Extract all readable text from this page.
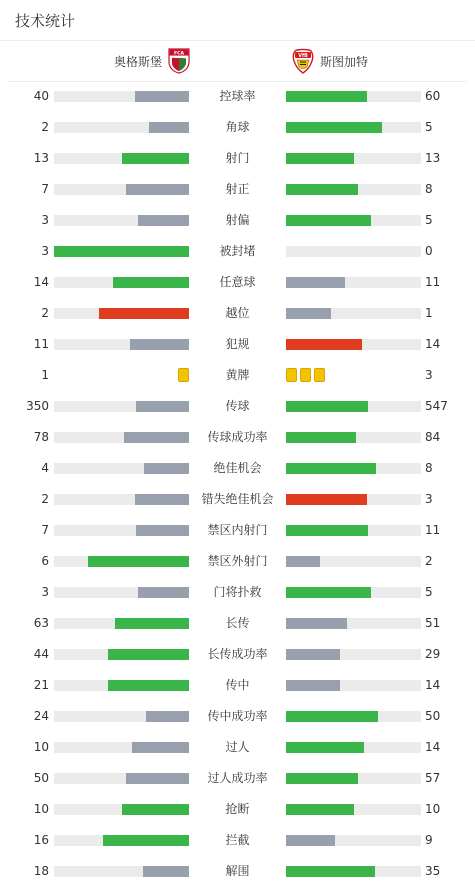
技术统计
奥格斯堡
FCA	VfB 斯图加特
40	控球率	60
2	角球	5
13	射门	13
7	射正	8
3	射偏	5
3	被封堵	0
14	任意球	11
2	越位	1
11	犯规	14
1	黄牌	3
350	传球	547
78	传球成功率	84
4	绝佳机会	8
2	错失绝佳机会	3
7	禁区内射门	11
6	禁区外射门	2
3	门将扑救	5
63	长传	51
44	长传成功率	29
21	传中	14
24	传中成功率	50
10	过人	14
50	过人成功率	57
10	抢断	10
16	拦截	9
18	解围	35
